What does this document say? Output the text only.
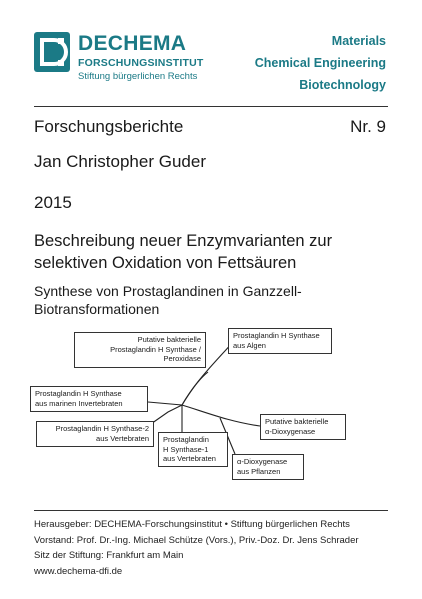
DECHEMA
FORSCHUNGSINSTITUT
Stiftung bürgerlichen Rechts
Materials
Chemical Engineering
Biotechnology
Forschungsberichte	Nr. 9
Jan Christopher Guder
2015
Beschreibung neuer Enzymvarianten zur selektiven Oxidation von Fettsäuren
Synthese von Prostaglandinen in Ganzzell-Biotransformationen
Putative bakterielle
Prostaglandin H Synthase /
Peroxidase
Prostaglandin H Synthase
aus Algen
Prostaglandin H Synthase
aus marinen Invertebraten
Prostaglandin H Synthase-2
aus Vertebraten Prostaglandin
H Synthase-1
aus Vertebraten
Putative bakterielle
α-Dioxygenase
α-Dioxygenase
aus Pflanzen
Herausgeber: DECHEMA-Forschungsinstitut • Stiftung bürgerlichen Rechts
Vorstand: Prof. Dr.-Ing. Michael Schütze (Vors.), Priv.-Doz. Dr. Jens Schrader
Sitz der Stiftung: Frankfurt am Main
www.dechema-dfi.de
